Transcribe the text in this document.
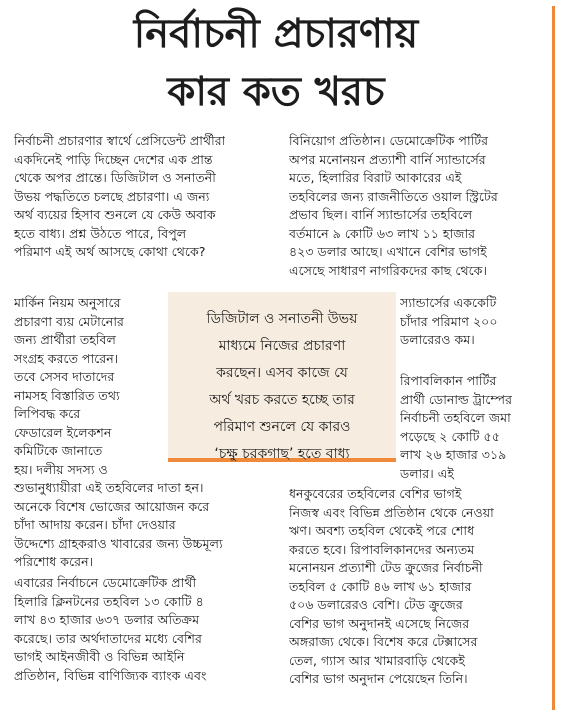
নির্বাচনী প্রচারণায়
কার কত খরচ
নির্বাচনী প্রচারণার স্বার্থে প্রেসিডেন্ট প্রার্থীরা
একদিনেই পাড়ি দিচ্ছেন দেশের এক প্রান্ত
থেকে অপর প্রান্তে। ডিজিটাল ও সনাতনী
উভয় পদ্ধতিতে চলছে প্রচারণা। এ জন্য
অর্থ ব্যয়ের হিসাব শুনলে যে কেউ অবাক
হতে বাধ্য। প্রশ্ন উঠতে পারে, বিপুল
পরিমাণ এই অর্থ আসছে কোথা থেকে?
মার্কিন নিয়ম অনুসারে
প্রচারণা ব্যয় মেটানোর
জন্য প্রার্থীরা তহবিল
সংগ্রহ করতে পারেন।
তবে সেসব দাতাদের
নামসহ বিস্তারিত তথ্য
লিপিবদ্ধ করে
ফেডারেল ইলেকশন
কমিটিকে জানাতে
হয়। দলীয় সদস্য ও
শুভানুধ্যায়ীরা এই তহবিলের দাতা হন।
অনেকে বিশেষ ভোজের আয়োজন করে
চাঁদা আদায় করেন। চাঁদা দেওয়ার
উদ্দেশ্যে গ্রাহকরাও খাবারের জন্য উচ্চমূল্য
পরিশোধ করেন।
এবারের নির্বাচনে ডেমোক্রেটিক প্রার্থী
হিলারি ক্লিনটনের তহবিল ১৩ কোটি ৪
লাখ ৪৩ হাজার ৬৩৭ ডলার অতিক্রম
করেছে। তার অর্থদাতাদের মধ্যে বেশির
ভাগই আইনজীবী ও বিভিন্ন আইনি
প্রতিষ্ঠান, বিভিন্ন বাণিজ্যিক ব্যাংক এবং
বিনিয়োগ প্রতিষ্ঠান। ডেমোক্রেটিক পার্টির
অপর মনোনয়ন প্রত্যাশী বার্নি স্যান্ডার্সের
মতে, হিলারির বিরাট আকারের এই
তহবিলের জন্য রাজনীতিতে ওয়াল স্ট্রিটের
প্রভাব ছিল। বার্নি স্যান্ডার্সের তহবিলে
বর্তমানে ৯ কোটি ৬৩ লাখ ১১ হাজার
৪২৩ ডলার আছে। এখানে বেশির ভাগই
এসেছে সাধারণ নাগরিকদের কাছ থেকে।
স্যান্ডার্সের এককেটি
চাঁদার পরিমাণ ২০০
ডলারেরও কম।
রিপাবলিকান পার্টির
প্রার্থী ডোনাল্ড ট্রাম্পের
নির্বাচনী তহবিলে জমা
পড়েছে ২ কোটি ৫৫
লাখ ২৬ হাজার ৩১৯
ডলার। এই
ধনকুবেরের তহবিলের বেশির ভাগই
নিজস্ব এবং বিভিন্ন প্রতিষ্ঠান থেকে নেওয়া
ঋণ। অবশ্য তহবিল থেকেই পরে শোধ
করতে হবে। রিপাবলিকানদের অন্যতম
মনোনয়ন প্রত্যাশী টেড ক্রুজের নির্বাচনী
তহবিল ৫ কোটি ৪৬ লাখ ৬১ হাজার
৫০৬ ডলারেরও বেশি। টেড ক্রুজের
বেশির ভাগ অনুদানই এসেছে নিজের
অঙ্গরাজ্য থেকে। বিশেষ করে টেক্সাসের
তেল, গ্যাস আর খামারবাড়ি থেকেই
বেশির ভাগ অনুদান পেয়েছেন তিনি।
ডিজিটাল ও সনাতনী উভয়
মাধ্যমে নিজের প্রচারণা
করছেন। এসব কাজে যে
অর্থ খরচ করতে হচ্ছে তার
পরিমাণ শুনলে যে কারও
‘চক্ষু চরকগাছ’ হতে বাধ্য
